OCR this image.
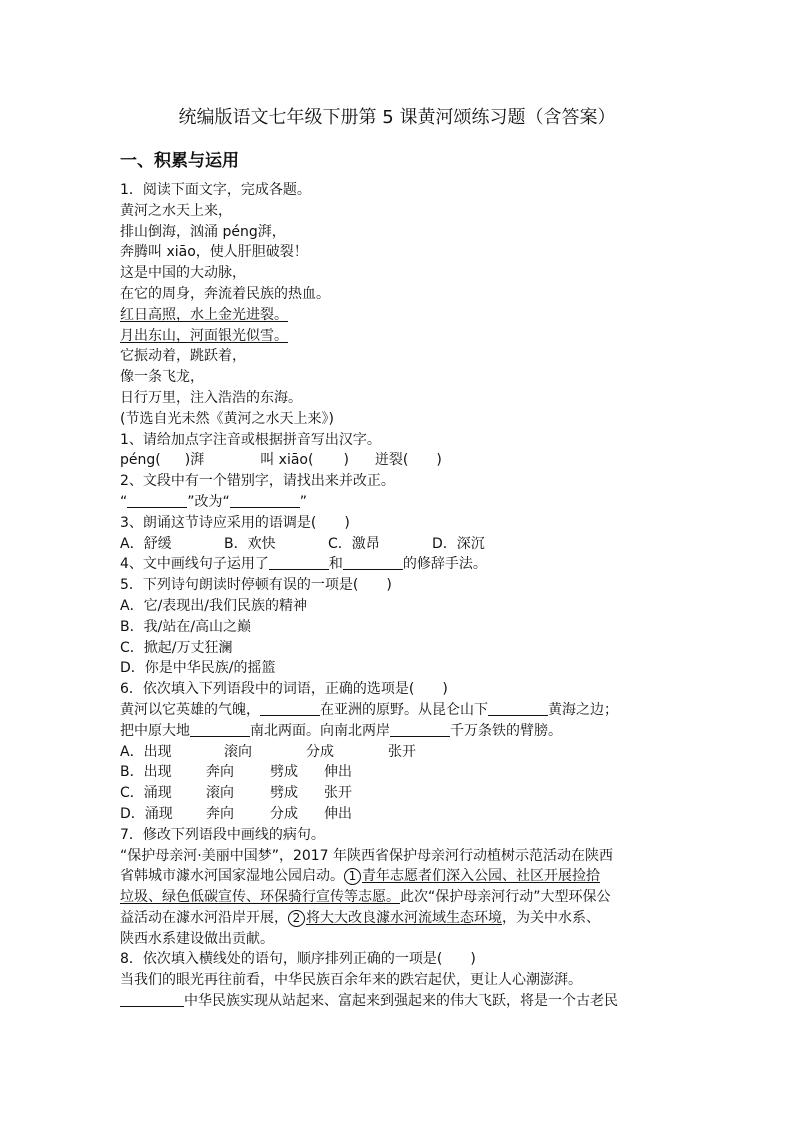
统编版语文七年级下册第 5 课黄河颂练习题（含答案）
一、积累与运用
1．阅读下面文字，完成各题。
黄河之水天上来，
排山倒海，汹涌 péng湃，
奔腾叫 xiāo，使人肝胆破裂！
这是中国的大动脉，
在它的周身，奔流着民族的热血。
红日高照，水上金光进裂。
月出东山，河面银光似雪。
它振动着，跳跃着，
像一条飞龙，
日行万里，注入浩浩的东海。
(节选自光未然《黄河之水天上来》)
1、请给加点字注音或根据拼音写出汉字。
péng( )湃	叫 xiāo( ) 迸裂( )
2、文段中有一个错别字，请找出来并改正。
“	”改为“	”
3、朗诵这节诗应采用的语调是(　　)
A．舒缓	B．欢快	C．激昂	D．深沉
4、文中画线句子运用了	和	的修辞手法。
5．下列诗句朗读时停顿有误的一项是(　　)
A．它/表现出/我们民族的精神
B．我/站在/高山之巅
C．掀起/万丈狂澜
D．你是中华民族/的摇篮
6．依次填入下列语段中的词语，正确的选项是(　　)
黄河以它英雄的气魄，	在亚洲的原野。从昆仑山下	黄海之边；
把中原大地	南北两面。向南北两岸	千万条铁的臂膀。
A．出现	滚向	分成	张开
B．出现 奔向	劈成 伸出
C．涌现 滚向	劈成 张开
D．涌现 奔向	分成 伸出
7．修改下列语段中画线的病句。
“保护母亲河·美丽中国梦”，2017 年陕西省保护母亲河行动植树示范活动在陕西
省韩城市澽水河国家湿地公园启动。 1 青年志愿者们深入公园、社区开展捡拾
垃圾、绿色低碳宣传、环保骑行宣传等志愿。此次“保护母亲河行动”大型环保公
益活动在澽水河沿岸开展， 2 将大大改良澽水河流域生态环境，为关中水系、
陕西水系建设做出贡献。
8．依次填入横线处的语句，顺序排列正确的一项是(　　)
当我们的眼光再往前看，中华民族百余年来的跌宕起伏，更让人心潮澎湃。
中华民族实现从站起来、富起来到强起来的伟大飞跃，将是一个古老民
